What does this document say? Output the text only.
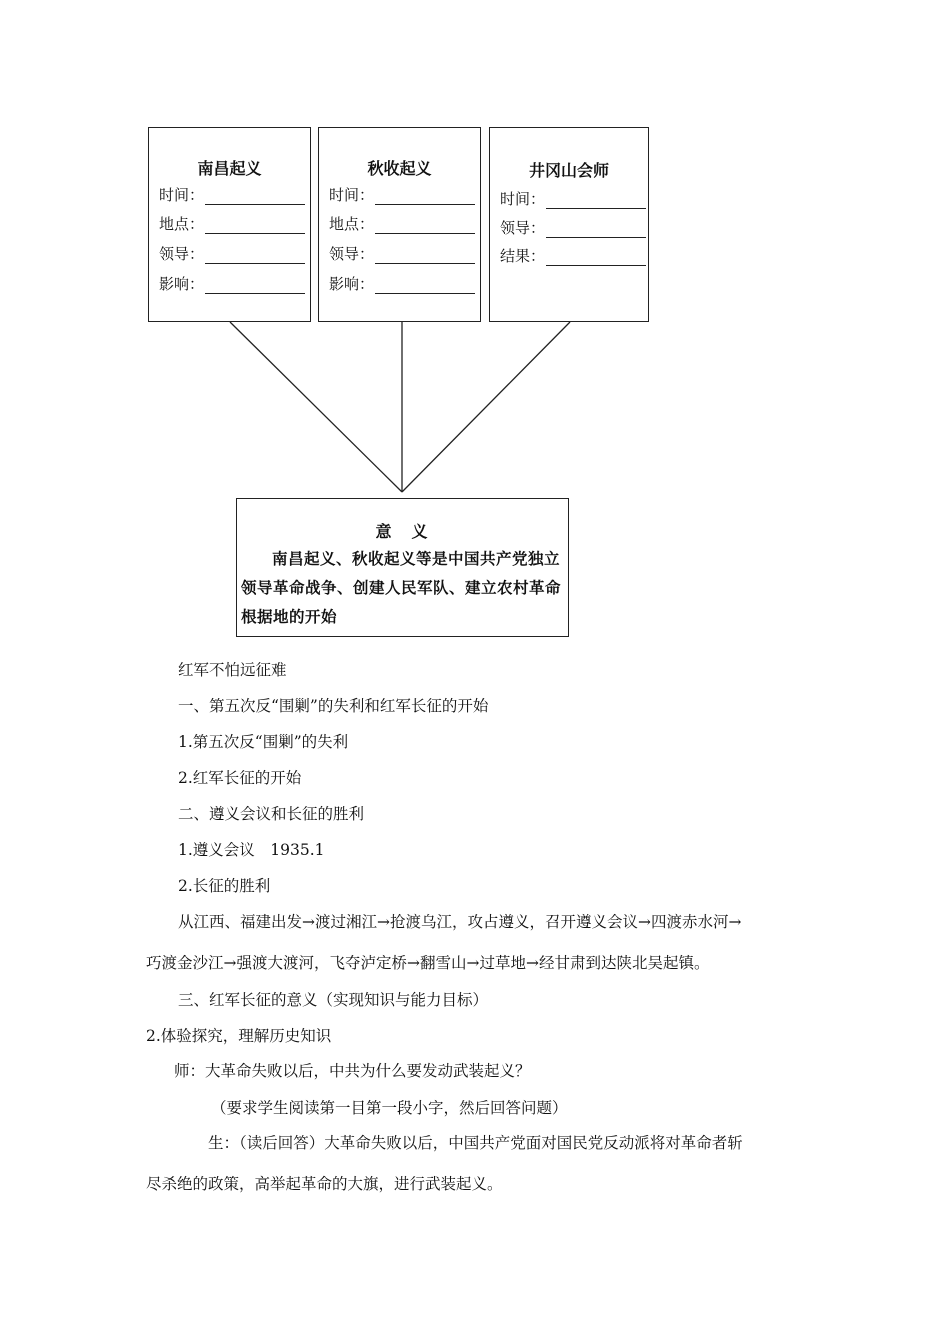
南昌起义
时间：
地点：
领导：
影响：
秋收起义
时间：
地点：
领导：
影响：
井冈山会师
时间：
领导：
结果：
意　义
南昌起义、秋收起义等是中国共产党独立领导革命战争、创建人民军队、建立农村革命根据地的开始
红军不怕远征难
一、第五次反“围剿”的失利和红军长征的开始
1.第五次反“围剿”的失利
2.红军长征的开始
二、遵义会议和长征的胜利
1.遵义会议　1935.1
2.长征的胜利
从江西、福建出发→渡过湘江→抢渡乌江，攻占遵义，召开遵义会议→四渡赤水河→
巧渡金沙江→强渡大渡河，飞夺泸定桥→翻雪山→过草地→经甘肃到达陕北吴起镇。
三、红军长征的意义（实现知识与能力目标）
2.体验探究，理解历史知识
师：大革命失败以后，中共为什么要发动武装起义？
（要求学生阅读第一目第一段小字，然后回答问题）
生：（读后回答）大革命失败以后，中国共产党面对国民党反动派将对革命者斩
尽杀绝的政策，高举起革命的大旗，进行武装起义。
